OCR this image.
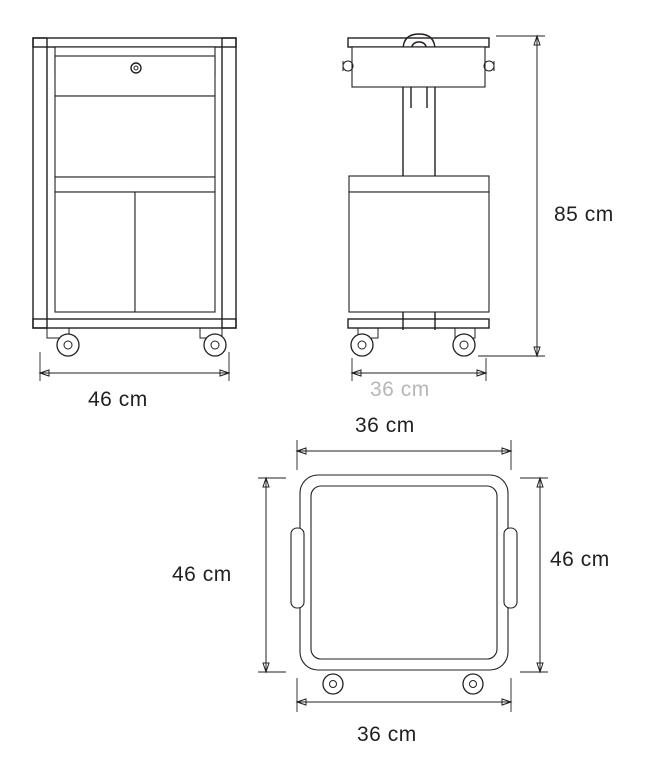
46 cm
85 cm
36 cm
36 cm
46 cm
46 cm
36 cm
